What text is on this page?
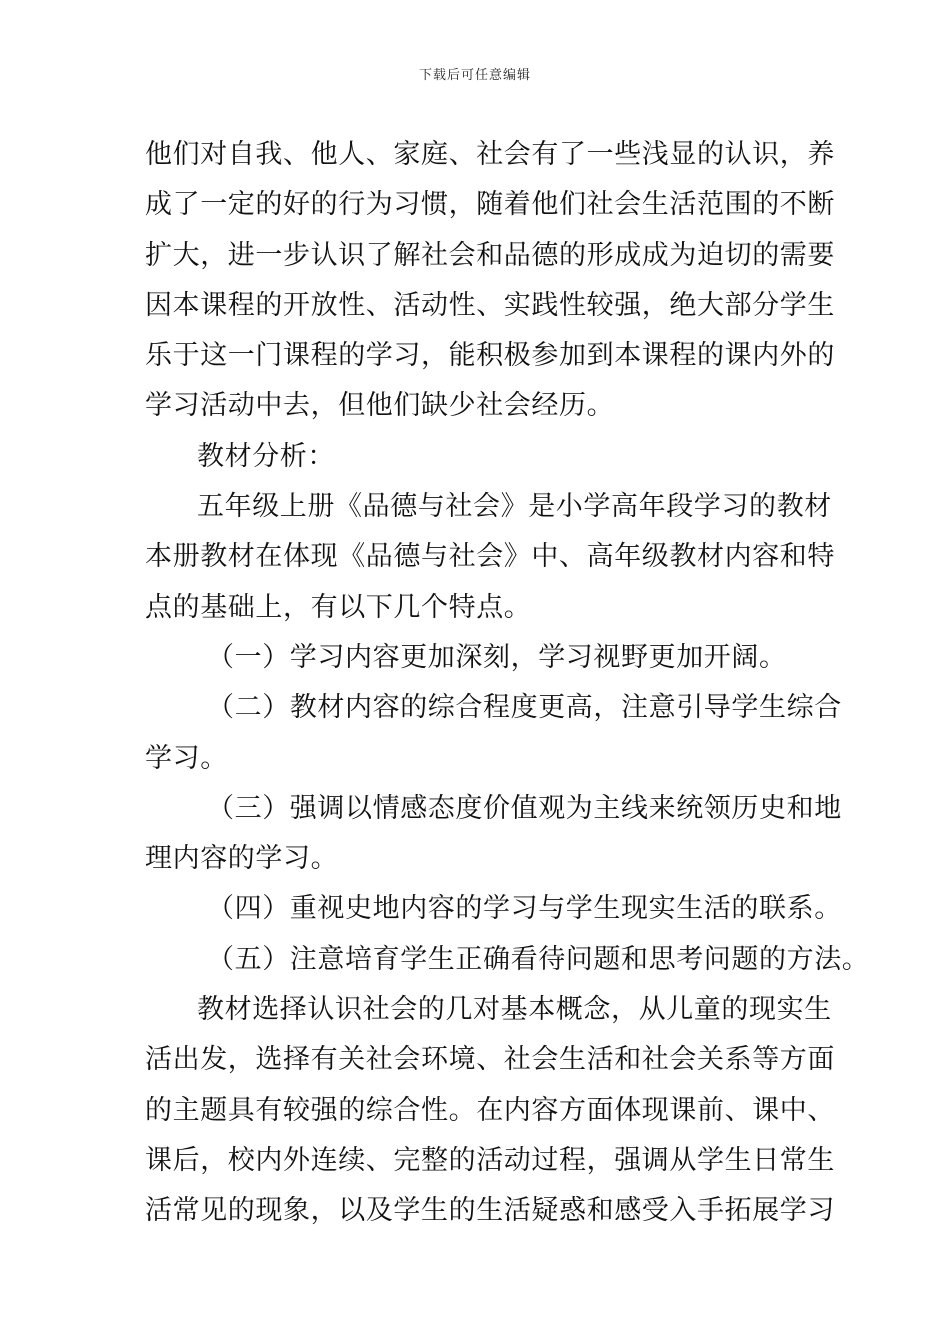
下载后可任意编辑
他们对自我、他人、家庭、社会有了一些浅显的认识，养
成了一定的好的行为习惯，随着他们社会生活范围的不断
扩大，进一步认识了解社会和品德的形成成为迫切的需要
因本课程的开放性、活动性、实践性较强，绝大部分学生
乐于这一门课程的学习，能积极参加到本课程的课内外的
学习活动中去，但他们缺少社会经历。
教材分析：
五年级上册《品德与社会》是小学高年段学习的教材
本册教材在体现《品德与社会》中、高年级教材内容和特
点的基础上，有以下几个特点。
（一）学习内容更加深刻，学习视野更加开阔。
（二）教材内容的综合程度更高，注意引导学生综合
学习。
（三）强调以情感态度价值观为主线来统领历史和地
理内容的学习。
（四）重视史地内容的学习与学生现实生活的联系。
（五）注意培育学生正确看待问题和思考问题的方法。
教材选择认识社会的几对基本概念，从儿童的现实生
活出发，选择有关社会环境、社会生活和社会关系等方面
的主题具有较强的综合性。在内容方面体现课前、课中、
课后，校内外连续、完整的活动过程，强调从学生日常生
活常见的现象，以及学生的生活疑惑和感受入手拓展学习
